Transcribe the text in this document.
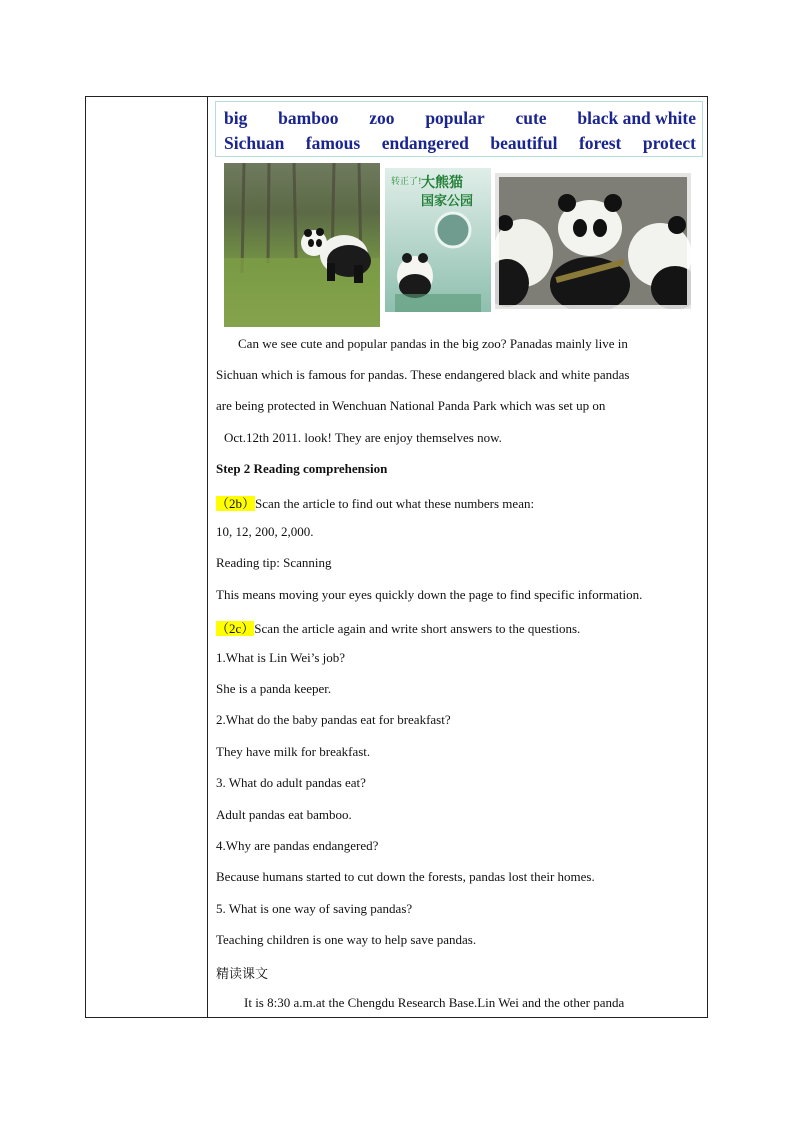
big bamboo zoo popular cute black and white
Sichuan famous endangered beautiful forest protect
转正了! 大熊猫
国家公园
Can we see cute and popular pandas in the big zoo? Panadas mainly live in
Sichuan which is famous for pandas. These endangered black and white pandas
are being protected in Wenchuan National Panda Park which was set up on
Oct.12th 2011. look! They are enjoy themselves now.
Step 2 Reading comprehension
（2b）Scan the article to find out what these numbers mean:
10, 12, 200, 2,000.
Reading tip: Scanning
This means moving your eyes quickly down the page to find specific information.
（2c）Scan the article again and write short answers to the questions.
1.What is Lin Wei’s job?
She is a panda keeper.
2.What do the baby pandas eat for breakfast?
They have milk for breakfast.
3. What do adult pandas eat?
Adult pandas eat bamboo.
4.Why are pandas endangered?
Because humans started to cut down the forests, pandas lost their homes.
5. What is one way of saving pandas?
Teaching children is one way to help save pandas.
精读课文
It is 8:30 a.m.at the Chengdu Research Base.Lin Wei and the other panda
